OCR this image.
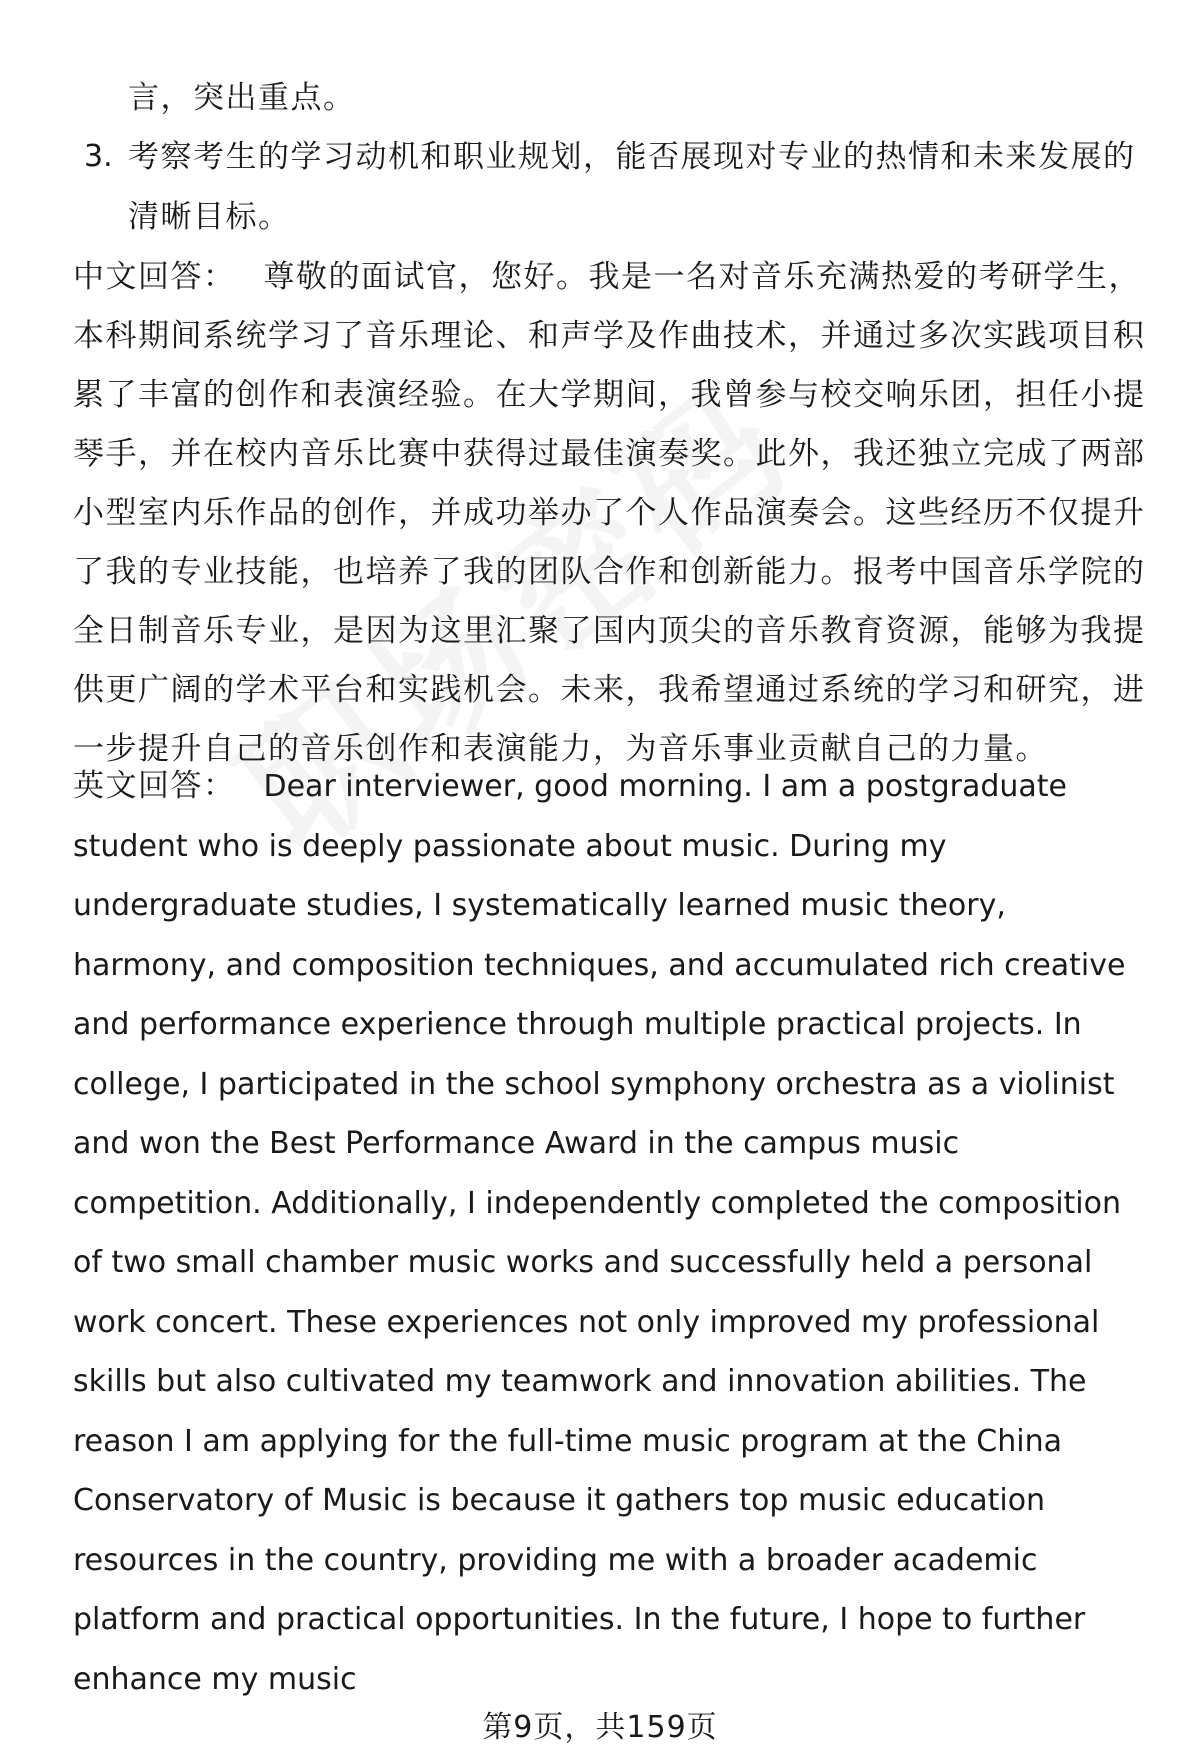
言，突出重点。

3. 考察考生的学习动机和职业规划，能否展现对专业的热情和未来发展的清晰目标。

中文回答： 尊敬的面试官，您好。我是一名对音乐充满热爱的考研学生，本科期间系统学习了音乐理论、和声学及作曲技术，并通过多次实践项目积累了丰富的创作和表演经验。在大学期间，我曾参与校交响乐团，担任小提琴手，并在校内音乐比赛中获得过最佳演奏奖。此外，我还独立完成了两部小型室内乐作品的创作，并成功举办了个人作品演奏会。这些经历不仅提升了我的专业技能，也培养了我的团队合作和创新能力。报考中国音乐学院的全日制音乐专业，是因为这里汇聚了国内顶尖的音乐教育资源，能够为我提供更广阔的学术平台和实践机会。未来，我希望通过系统的学习和研究，进一步提升自己的音乐创作和表演能力，为音乐事业贡献自己的力量。

英文回答： Dear interviewer, good morning. I am a postgraduate student who is deeply passionate about music. During my undergraduate studies, I systematically learned music theory, harmony, and composition techniques, and accumulated rich creative and performance experience through multiple practical projects. In college, I participated in the school symphony orchestra as a violinist and won the Best Performance Award in the campus music competition. Additionally, I independently completed the composition of two small chamber music works and successfully held a personal work concert. These experiences not only improved my professional skills but also cultivated my teamwork and innovation abilities. The reason I am applying for the full-time music program at the China Conservatory of Music is because it gathers top music education resources in the country, providing me with a broader academic platform and practical opportunities. In the future, I hope to further enhance my music

第9页，共159页
